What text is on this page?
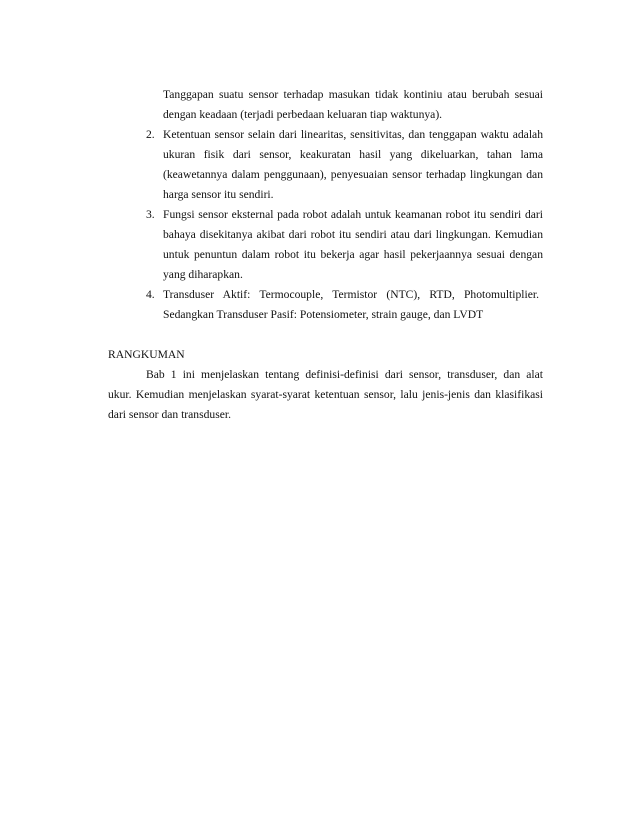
Tanggapan suatu sensor terhadap masukan tidak kontiniu atau berubah sesuai
dengan keadaan (terjadi perbedaan keluaran tiap waktunya).
2. Ketentuan sensor selain dari linearitas, sensitivitas, dan tenggapan waktu adalah
ukuran fisik dari sensor, keakuratan hasil yang dikeluarkan, tahan lama
(keawetannya dalam penggunaan), penyesuaian sensor terhadap lingkungan dan
harga sensor itu sendiri.
3. Fungsi sensor eksternal pada robot adalah untuk keamanan robot itu sendiri dari
bahaya disekitanya akibat dari robot itu sendiri atau dari lingkungan. Kemudian
untuk penuntun dalam robot itu bekerja agar hasil pekerjaannya sesuai dengan
yang diharapkan.
4. Transduser Aktif: Termocouple, Termistor (NTC), RTD, Photomultiplier.
Sedangkan Transduser Pasif: Potensiometer, strain gauge, dan LVDT
RANGKUMAN
Bab 1 ini menjelaskan tentang definisi-definisi dari sensor, transduser, dan alat
ukur. Kemudian menjelaskan syarat-syarat ketentuan sensor, lalu jenis-jenis dan klasifikasi
dari sensor dan transduser.
